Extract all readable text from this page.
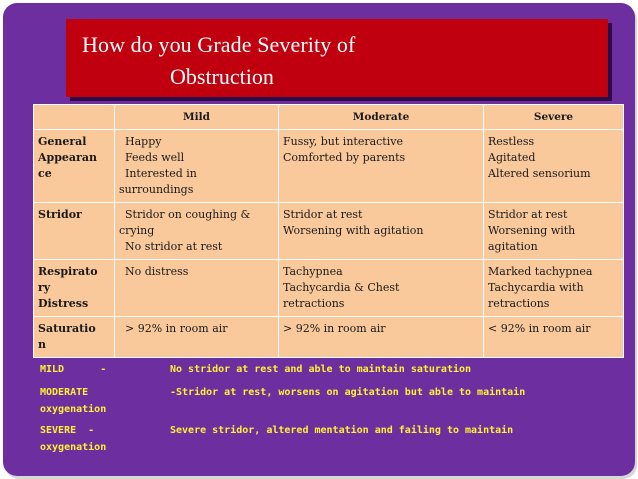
How do you Grade Severity of
Obstruction
	Mild	Moderate	Severe

General
Appearan
ce	Happy
Feeds well
Interested in
surroundings	Fussy, but interactive
Comforted by parents	Restless
Agitated
Altered sensorium

Stridor	Stridor on coughing &
crying
No stridor at rest	Stridor at rest
Worsening with agitation	Stridor at rest
Worsening with
agitation

Respirato
ry
Distress	No distress	Tachypnea
Tachycardia & Chest
retractions	Marked tachypnea
Tachycardia with
retractions

Saturatio
n	> 92% in room air	> 92% in room air	< 92% in room air
MILD      -	No stridor at rest and able to maintain saturation
MODERATE	-Stridor at rest, worsens on agitation but able to maintain
oxygenation
SEVERE  -	Severe stridor, altered mentation and failing to maintain
oxygenation
